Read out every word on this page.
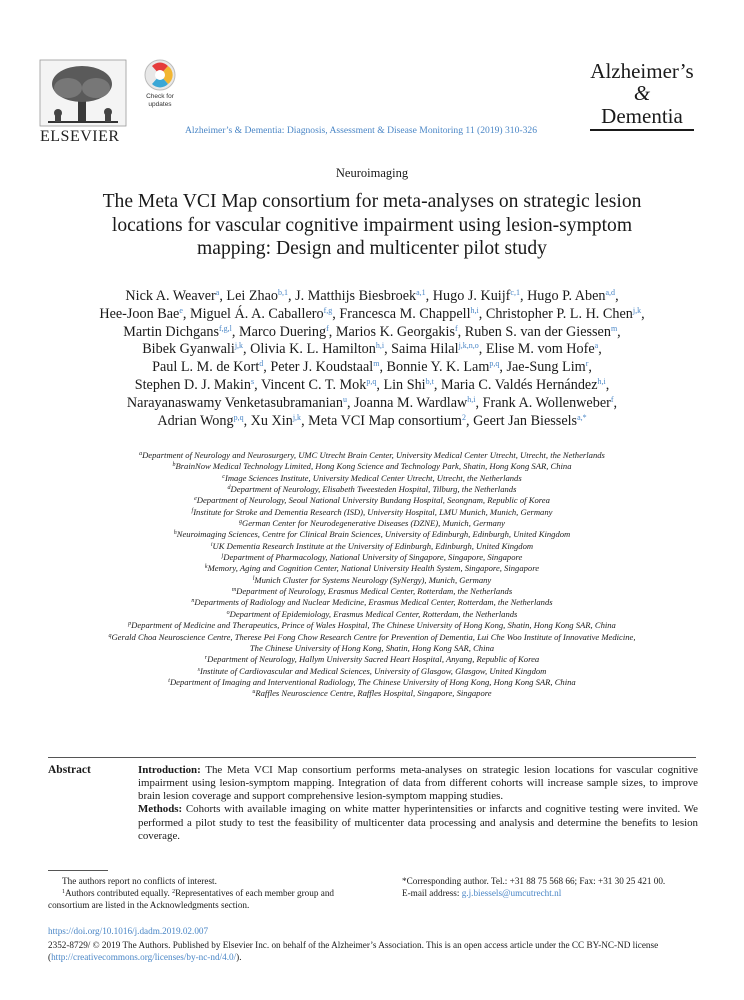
ELSEVIER
Check for
updates
Alzheimer’s & Dementia: Diagnosis, Assessment & Disease Monitoring 11 (2019) 310-326
Alzheimer’s
&
Dementia
Neuroimaging
The Meta VCI Map consortium for meta-analyses on strategic lesion
locations for vascular cognitive impairment using lesion-symptom
mapping: Design and multicenter pilot study
Nick A. Weaver$^a$, Lei Zhao$^{b,1}$, J. Matthijs Biesbroek$^{a,1}$, Hugo J. Kuijf$^{c,1}$, Hugo P. Aben$^{a,d}$,
Hee-Joon Bae$^e$, Miguel Á. A. Caballero$^{f,g}$, Francesca M. Chappell$^{h,i}$, Christopher P. L. H. Chen$^{j,k}$,
Martin Dichgans$^{f,g,l}$, Marco Duering$^f$, Marios K. Georgakis$^f$, Ruben S. van der Giessen$^m$,
Bibek Gyanwali$^{j,k}$, Olivia K. L. Hamilton$^{h,i}$, Saima Hilal$^{j,k,n,o}$, Elise M. vom Hofe$^a$,
Paul L. M. de Kort$^d$, Peter J. Koudstaal$^m$, Bonnie Y. K. Lam$^{p,q}$, Jae-Sung Lim$^r$,
Stephen D. J. Makin$^s$, Vincent C. T. Mok$^{p,q}$, Lin Shi$^{b,t}$, Maria C. Valdés Hernández$^{h,i}$,
Narayanaswamy Venketasubramanian$^u$, Joanna M. Wardlaw$^{h,i}$, Frank A. Wollenweber$^f$,
Adrian Wong$^{p,q}$, Xu Xin$^{j,k}$, Meta VCI Map consortium$^2$, Geert Jan Biessels$^{a,*}$
$^a$Department of Neurology and Neurosurgery, UMC Utrecht Brain Center, University Medical Center Utrecht, Utrecht, the Netherlands
$^b$BrainNow Medical Technology Limited, Hong Kong Science and Technology Park, Shatin, Hong Kong SAR, China
$^c$Image Sciences Institute, University Medical Center Utrecht, Utrecht, the Netherlands
$^d$Department of Neurology, Elisabeth Tweesteden Hospital, Tilburg, the Netherlands
$^e$Department of Neurology, Seoul National University Bundang Hospital, Seongnam, Republic of Korea
$^f$Institute for Stroke and Dementia Research (ISD), University Hospital, LMU Munich, Munich, Germany
$^g$German Center for Neurodegenerative Diseases (DZNE), Munich, Germany
$^h$Neuroimaging Sciences, Centre for Clinical Brain Sciences, University of Edinburgh, Edinburgh, United Kingdom
$^i$UK Dementia Research Institute at the University of Edinburgh, Edinburgh, United Kingdom
$^j$Department of Pharmacology, National University of Singapore, Singapore, Singapore
$^k$Memory, Aging and Cognition Center, National University Health System, Singapore, Singapore
$^l$Munich Cluster for Systems Neurology (SyNergy), Munich, Germany
$^m$Department of Neurology, Erasmus Medical Center, Rotterdam, the Netherlands
$^n$Departments of Radiology and Nuclear Medicine, Erasmus Medical Center, Rotterdam, the Netherlands
$^o$Department of Epidemiology, Erasmus Medical Center, Rotterdam, the Netherlands
$^p$Department of Medicine and Therapeutics, Prince of Wales Hospital, The Chinese University of Hong Kong, Shatin, Hong Kong SAR, China
$^q$Gerald Choa Neuroscience Centre, Therese Pei Fong Chow Research Centre for Prevention of Dementia, Lui Che Woo Institute of Innovative Medicine,
The Chinese University of Hong Kong, Shatin, Hong Kong SAR, China
$^r$Department of Neurology, Hallym University Sacred Heart Hospital, Anyang, Republic of Korea
$^s$Institute of Cardiovascular and Medical Sciences, University of Glasgow, Glasgow, United Kingdom
$^t$Department of Imaging and Interventional Radiology, The Chinese University of Hong Kong, Hong Kong SAR, China
$^u$Raffles Neuroscience Centre, Raffles Hospital, Singapore, Singapore
Abstract	Introduction: The Meta VCI Map consortium performs meta-analyses on strategic lesion locations for vascular cognitive impairment using lesion-symptom mapping. Integration of data from different cohorts will increase sample sizes, to improve brain lesion coverage and support comprehensive lesion-symptom mapping studies.
Methods: Cohorts with available imaging on white matter hyperintensities or infarcts and cognitive testing were invited. We performed a pilot study to test the feasibility of multicenter data processing and analysis and determine the benefits to lesion coverage.
The authors report no conflicts of interest.
$^1$Authors contributed equally. $^2$Representatives of each member group and consortium are listed in the Acknowledgments section.
*Corresponding author. Tel.: +31 88 75 568 66; Fax: +31 30 25 421 00.
E-mail address: g.j.biessels@umcutrecht.nl
https://doi.org/10.1016/j.dadm.2019.02.007
2352-8729/ © 2019 The Authors. Published by Elsevier Inc. on behalf of the Alzheimer’s Association. This is an open access article under the CC BY-NC-ND license (http://creativecommons.org/licenses/by-nc-nd/4.0/).
